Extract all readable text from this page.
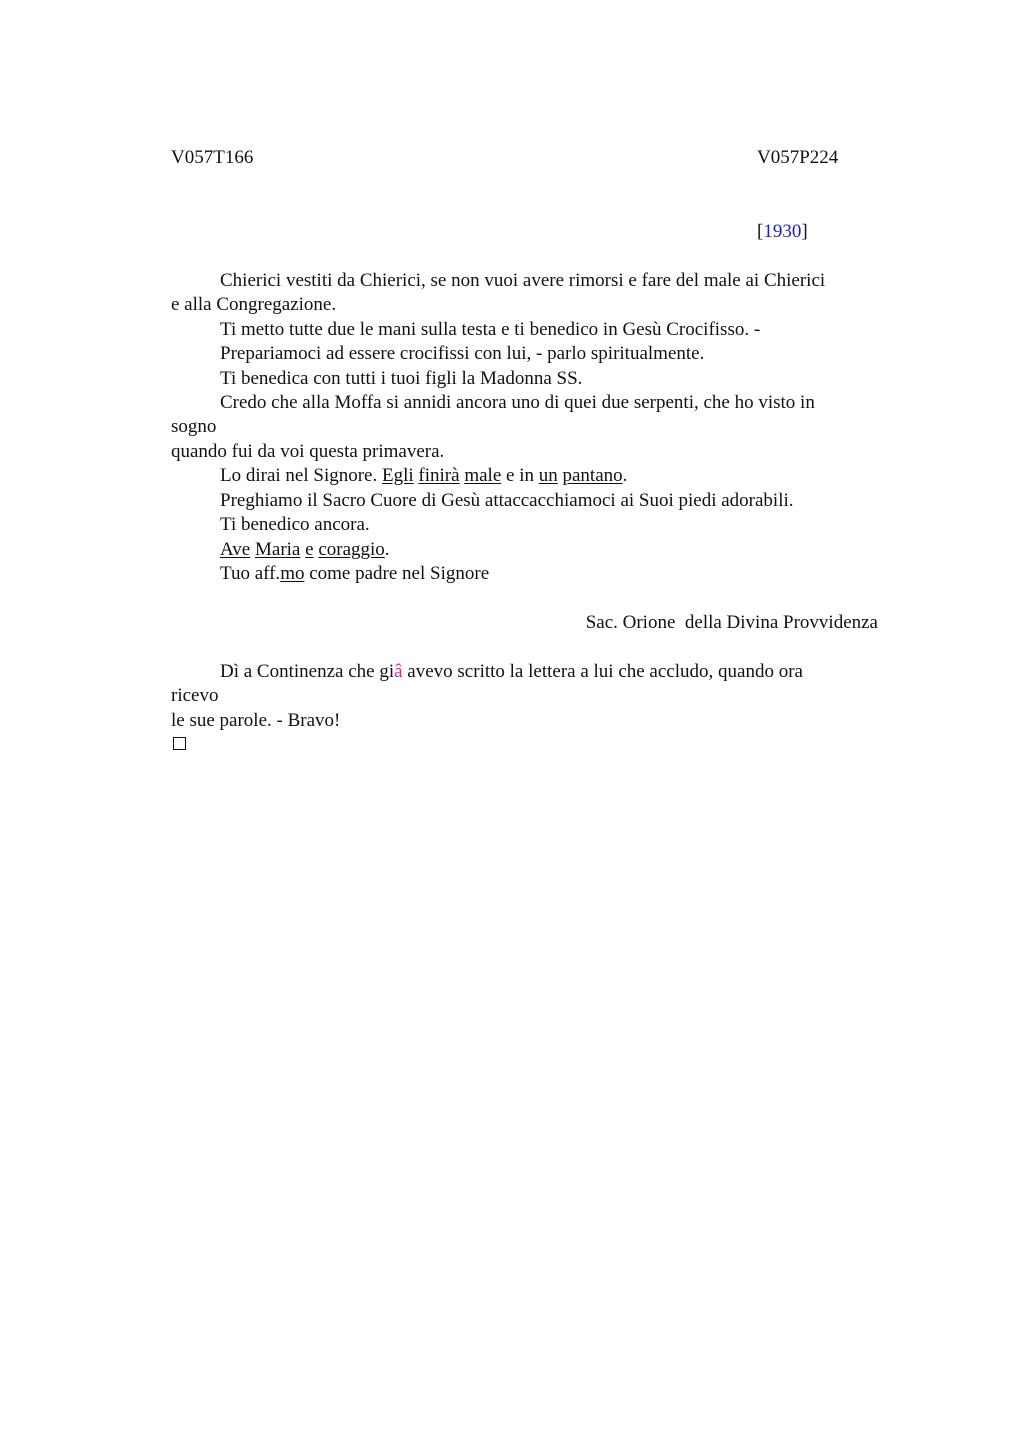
V057T166	V057P224
[1930]
Chierici vestiti da Chierici, se non vuoi avere rimorsi e fare del male ai Chierici
e alla Congregazione.
Ti metto tutte due le mani sulla testa e ti benedico in Gesù Crocifisso. -
Prepariamoci ad essere crocifissi con lui, - parlo spiritualmente.
Ti benedica con tutti i tuoi figli la Madonna SS.
Credo che alla Moffa si annidi ancora uno di quei due serpenti, che ho visto in
sogno
quando fui da voi questa primavera.
Lo dirai nel Signore. Egli finirà male e in un pantano.
Preghiamo il Sacro Cuore di Gesù attaccacchiamoci ai Suoi piedi adorabili.
Ti benedico ancora.
Ave Maria e coraggio.
Tuo aff.mo come padre nel Signore
Sac. Orione  della Divina Provvidenza
Dì a Continenza che giâ avevo scritto la lettera a lui che accludo, quando ora
ricevo
le sue parole. - Bravo!
